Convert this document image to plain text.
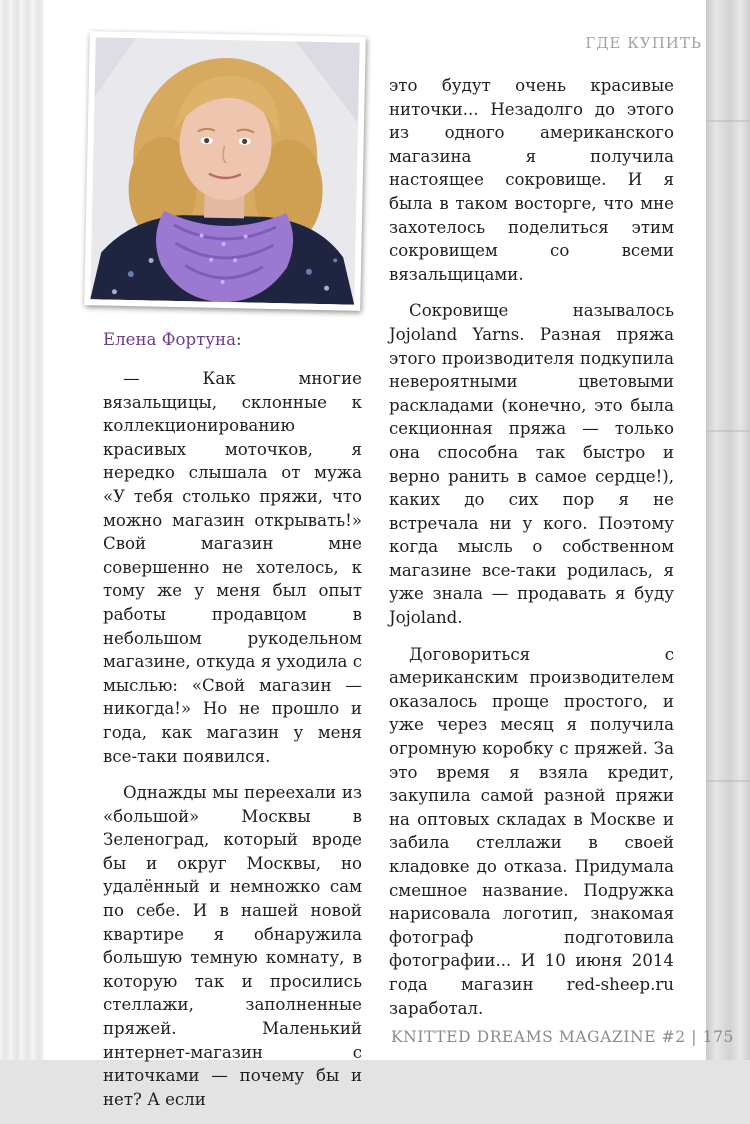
ГДЕ КУПИТЬ
Елена Фортуна:

— Как многие вязальщицы, склонные к коллекционированию красивых моточков, я нередко слышала от мужа «У тебя столько пряжи, что можно магазин открывать!» Свой магазин мне совершенно не хотелось, к тому же у меня был опыт работы продавцом в небольшом рукодельном магазине, откуда я уходила с мыслью: «Свой магазин — никогда!» Но не прошло и года, как магазин у меня все-таки появился.

Однажды мы переехали из «большой» Москвы в Зеленоград, который вроде бы и округ Москвы, но удалённый и немножко сам по себе. И в нашей новой квартире я обнаружила большую темную комнату, в которую так и просились стеллажи, заполненные пряжей. Маленький интернет-магазин с ниточками — почему бы и нет? А если

это будут очень красивые ниточки... Незадолго до этого из одного американского магазина я получила настоящее сокровище. И я была в таком восторге, что мне захотелось поделиться этим сокровищем со всеми вязальщицами.

Сокровище называлось Jojoland Yarns. Разная пряжа этого производителя подкупила невероятными цветовыми раскладами (конечно, это была секционная пряжа — только она способна так быстро и верно ранить в самое сердце!), каких до сих пор я не встречала ни у кого. Поэтому когда мысль о собственном магазине все-таки родилась, я уже знала — продавать я буду Jojoland.

Договориться с американским производителем оказалось проще простого, и уже через месяц я получила огромную коробку с пряжей. За это время я взяла кредит, закупила самой разной пряжи на оптовых складах в Москве и забила стеллажи в своей кладовке до отказа. Придумала смешное название. Подружка нарисовала логотип, знакомая фотограф подготовила фотографии... И 10 июня 2014 года магазин red-sheep.ru заработал.

KNITTED DREAMS MAGAZINE #2 | 175
